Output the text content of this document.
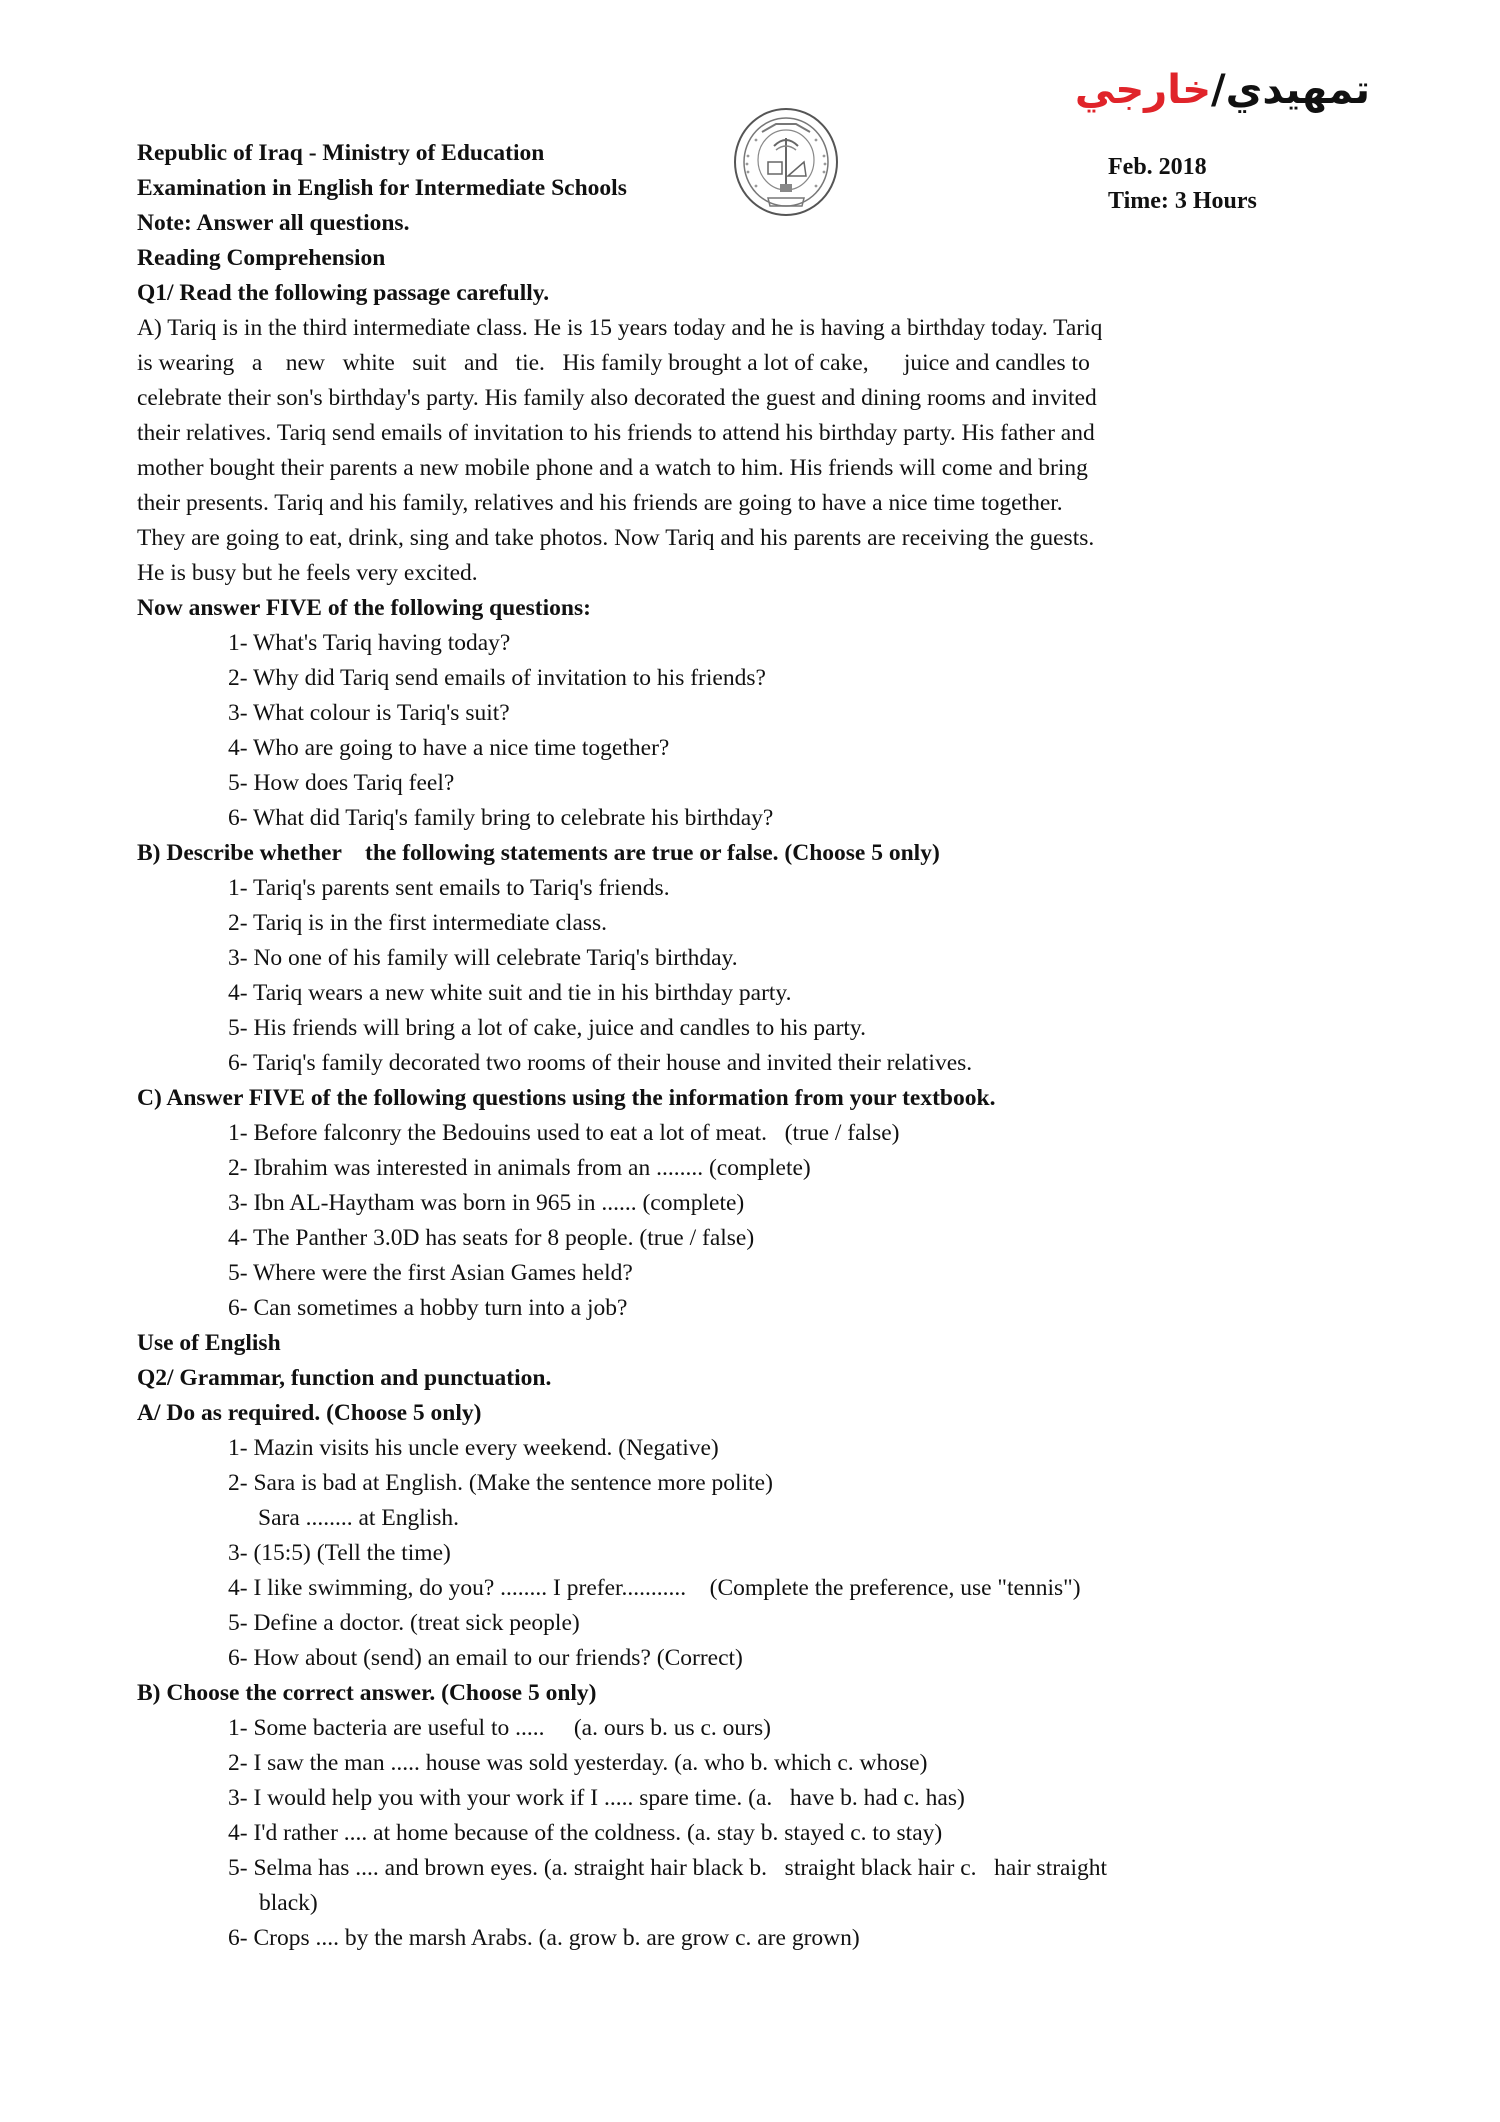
تمهيدي/خارجي
Feb. 2018
Time: 3 Hours
Republic of Iraq - Ministry of Education
Examination in English for Intermediate Schools
Note: Answer all questions.
Reading Comprehension
Q1/ Read the following passage carefully.
A) Tariq is in the third intermediate class. He is 15 years today and he is having a birthday today. Tariq
is wearing   a    new   white   suit   and   tie.   His family brought a lot of cake,      juice and candles to
celebrate their son's birthday's party. His family also decorated the guest and dining rooms and invited
their relatives. Tariq send emails of invitation to his friends to attend his birthday party. His father and
mother bought their parents a new mobile phone and a watch to him. His friends will come and bring
their presents. Tariq and his family, relatives and his friends are going to have a nice time together.
They are going to eat, drink, sing and take photos. Now Tariq and his parents are receiving the guests.
He is busy but he feels very excited.
Now answer FIVE of the following questions:
1- What's Tariq having today?
2- Why did Tariq send emails of invitation to his friends?
3- What colour is Tariq's suit?
4- Who are going to have a nice time together?
5- How does Tariq feel?
6- What did Tariq's family bring to celebrate his birthday?
B) Describe whether    the following statements are true or false. (Choose 5 only)
1- Tariq's parents sent emails to Tariq's friends.
2- Tariq is in the first intermediate class.
3- No one of his family will celebrate Tariq's birthday.
4- Tariq wears a new white suit and tie in his birthday party.
5- His friends will bring a lot of cake, juice and candles to his party.
6- Tariq's family decorated two rooms of their house and invited their relatives.
C) Answer FIVE of the following questions using the information from your textbook.
1- Before falconry the Bedouins used to eat a lot of meat.   (true / false)
2- Ibrahim was interested in animals from an ........ (complete)
3- Ibn AL-Haytham was born in 965 in ...... (complete)
4- The Panther 3.0D has seats for 8 people. (true / false)
5- Where were the first Asian Games held?
6- Can sometimes a hobby turn into a job?
Use of English
Q2/ Grammar, function and punctuation.
A/ Do as required. (Choose 5 only)
1- Mazin visits his uncle every weekend. (Negative)
2- Sara is bad at English. (Make the sentence more polite)
Sara ........ at English.
3- (15:5) (Tell the time)
4- I like swimming, do you? ........ I prefer...........    (Complete the preference, use "tennis")
5- Define a doctor. (treat sick people)
6- How about (send) an email to our friends? (Correct)
B) Choose the correct answer. (Choose 5 only)
1- Some bacteria are useful to .....     (a. ours b. us c. ours)
2- I saw the man ..... house was sold yesterday. (a. who b. which c. whose)
3- I would help you with your work if I ..... spare time. (a.   have b. had c. has)
4- I'd rather .... at home because of the coldness. (a. stay b. stayed c. to stay)
5- Selma has .... and brown eyes. (a. straight hair black b.   straight black hair c.   hair straight
black)
6- Crops .... by the marsh Arabs. (a. grow b. are grow c. are grown)
